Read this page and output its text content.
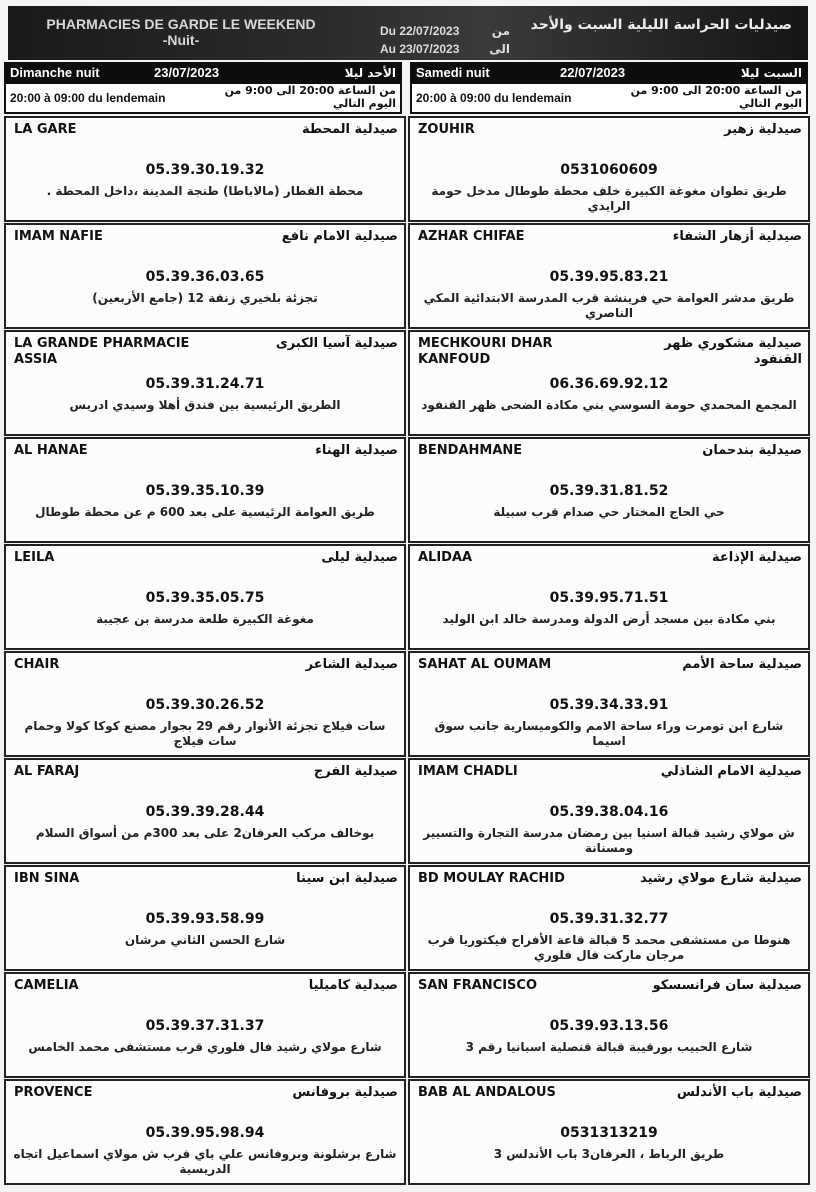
PHARMACIES DE GARDE LE WEEKEND
-Nuit-
Du 22/07/2023	من
Au 23/07/2023 الى
صيدليات الحراسة الليلية السبت والأحد
Dimanche nuit	23/07/2023	الأحد ليلا
20:00 à 09:00 du lendemain
من الساعة 20:00 الى 9:00 من اليوم التالي
Samedi nuit	22/07/2023	السبت ليلا
20:00 à 09:00 du lendemain
من الساعة 20:00 الى 9:00 من اليوم التالي
LA GARE	صيدلية المحطة
05.39.30.19.32
محطة القطار (مالاباطا) طنجة المدينة ،داخل المحطة .
IMAM NAFIE	صيدلية الامام نافع
05.39.36.03.65
تجزئة بلخيري زنقة 12 (جامع الأربعين)
LA GRANDE PHARMACIE ASSIA
صيدلية آسيا الكبرى
05.39.31.24.71
الطريق الرئيسية بين فندق أهلا وسيدي ادريس
AL HANAE	صيدلية الهناء
05.39.35.10.39
طريق العوامة الرئيسية على بعد 600 م عن محطة طوطال
LEILA	صيدلية ليلى
05.39.35.05.75
مغوغة الكبيرة طلعة مدرسة بن عجيبة
CHAIR	صيدلية الشاعر
05.39.30.26.52
سات فيلاج تجزئة الأنوار رقم 29 بجوار مصنع كوكا كولا وحمام سات فيلاج
AL FARAJ	صيدلية الفرج
05.39.39.28.44
بوخالف مركب العرفان2 على بعد 300م من أسواق السلام
IBN SINA	صيدلية ابن سينا
05.39.93.58.99
شارع الحسن الثاني مرشان
CAMELIA	صيدلية كاميليا
05.39.37.31.37
شارع مولاي رشيد فال فلوري قرب مستشفى محمد الخامس
PROVENCE	صيدلية بروفانس
05.39.95.98.94
شارع برشلونة وبروفانس علي باي قرب ش مولاي اسماعيل اتجاه الدريسية
ZOUHIR	صيدلية زهير
0531060609
طريق تطوان مغوغة الكبيرة خلف محطة طوطال مدخل حومة الرايدي
AZHAR CHIFAE	صيدلية أزهار الشفاء
05.39.95.83.21
طريق مدشر العوامة حي فرينشة قرب المدرسة الابتدائية المكي الناصري
MECHKOURI DHAR KANFOUD
صيدلية مشكوري ظهر القنفود
06.36.69.92.12
المجمع المحمدي حومة السوسي بني مكادة الضحى ظهر القنفود
BENDAHMANE	صيدلية بندحمان
05.39.31.81.52
حي الحاج المختار حي صدام قرب سبيلة
ALIDAA	صيدلية الإذاعة
05.39.95.71.51
بني مكادة بين مسجد أرض الدولة ومدرسة خالد ابن الوليد
SAHAT AL OUMAM	صيدلية ساحة الأمم
05.39.34.33.91
شارع ابن تومرت وراء ساحة الامم والكوميسارية جانب سوق اسيما
IMAM CHADLI	صيدلية الامام الشاذلي
05.39.38.04.16
ش مولاي رشيد قبالة اسنيا بين رمضان مدرسة التجارة والتسيير ومسنانة
BD MOULAY RACHID	صيدلية شارع مولاي رشيد
05.39.31.32.77
هنوطا من مستشفى محمد 5 قبالة قاعة الأفراح فيكتوريا قرب مرجان ماركت فال فلوري
SAN FRANCISCO	صيدلية سان فرانسسكو
05.39.93.13.56
شارع الحبيب بورقيبة قبالة قنصلية اسبانيا رقم 3
BAB AL ANDALOUS	صيدلية باب الأندلس
0531313219
طريق الرباط ، العرفان3 باب الأندلس 3
